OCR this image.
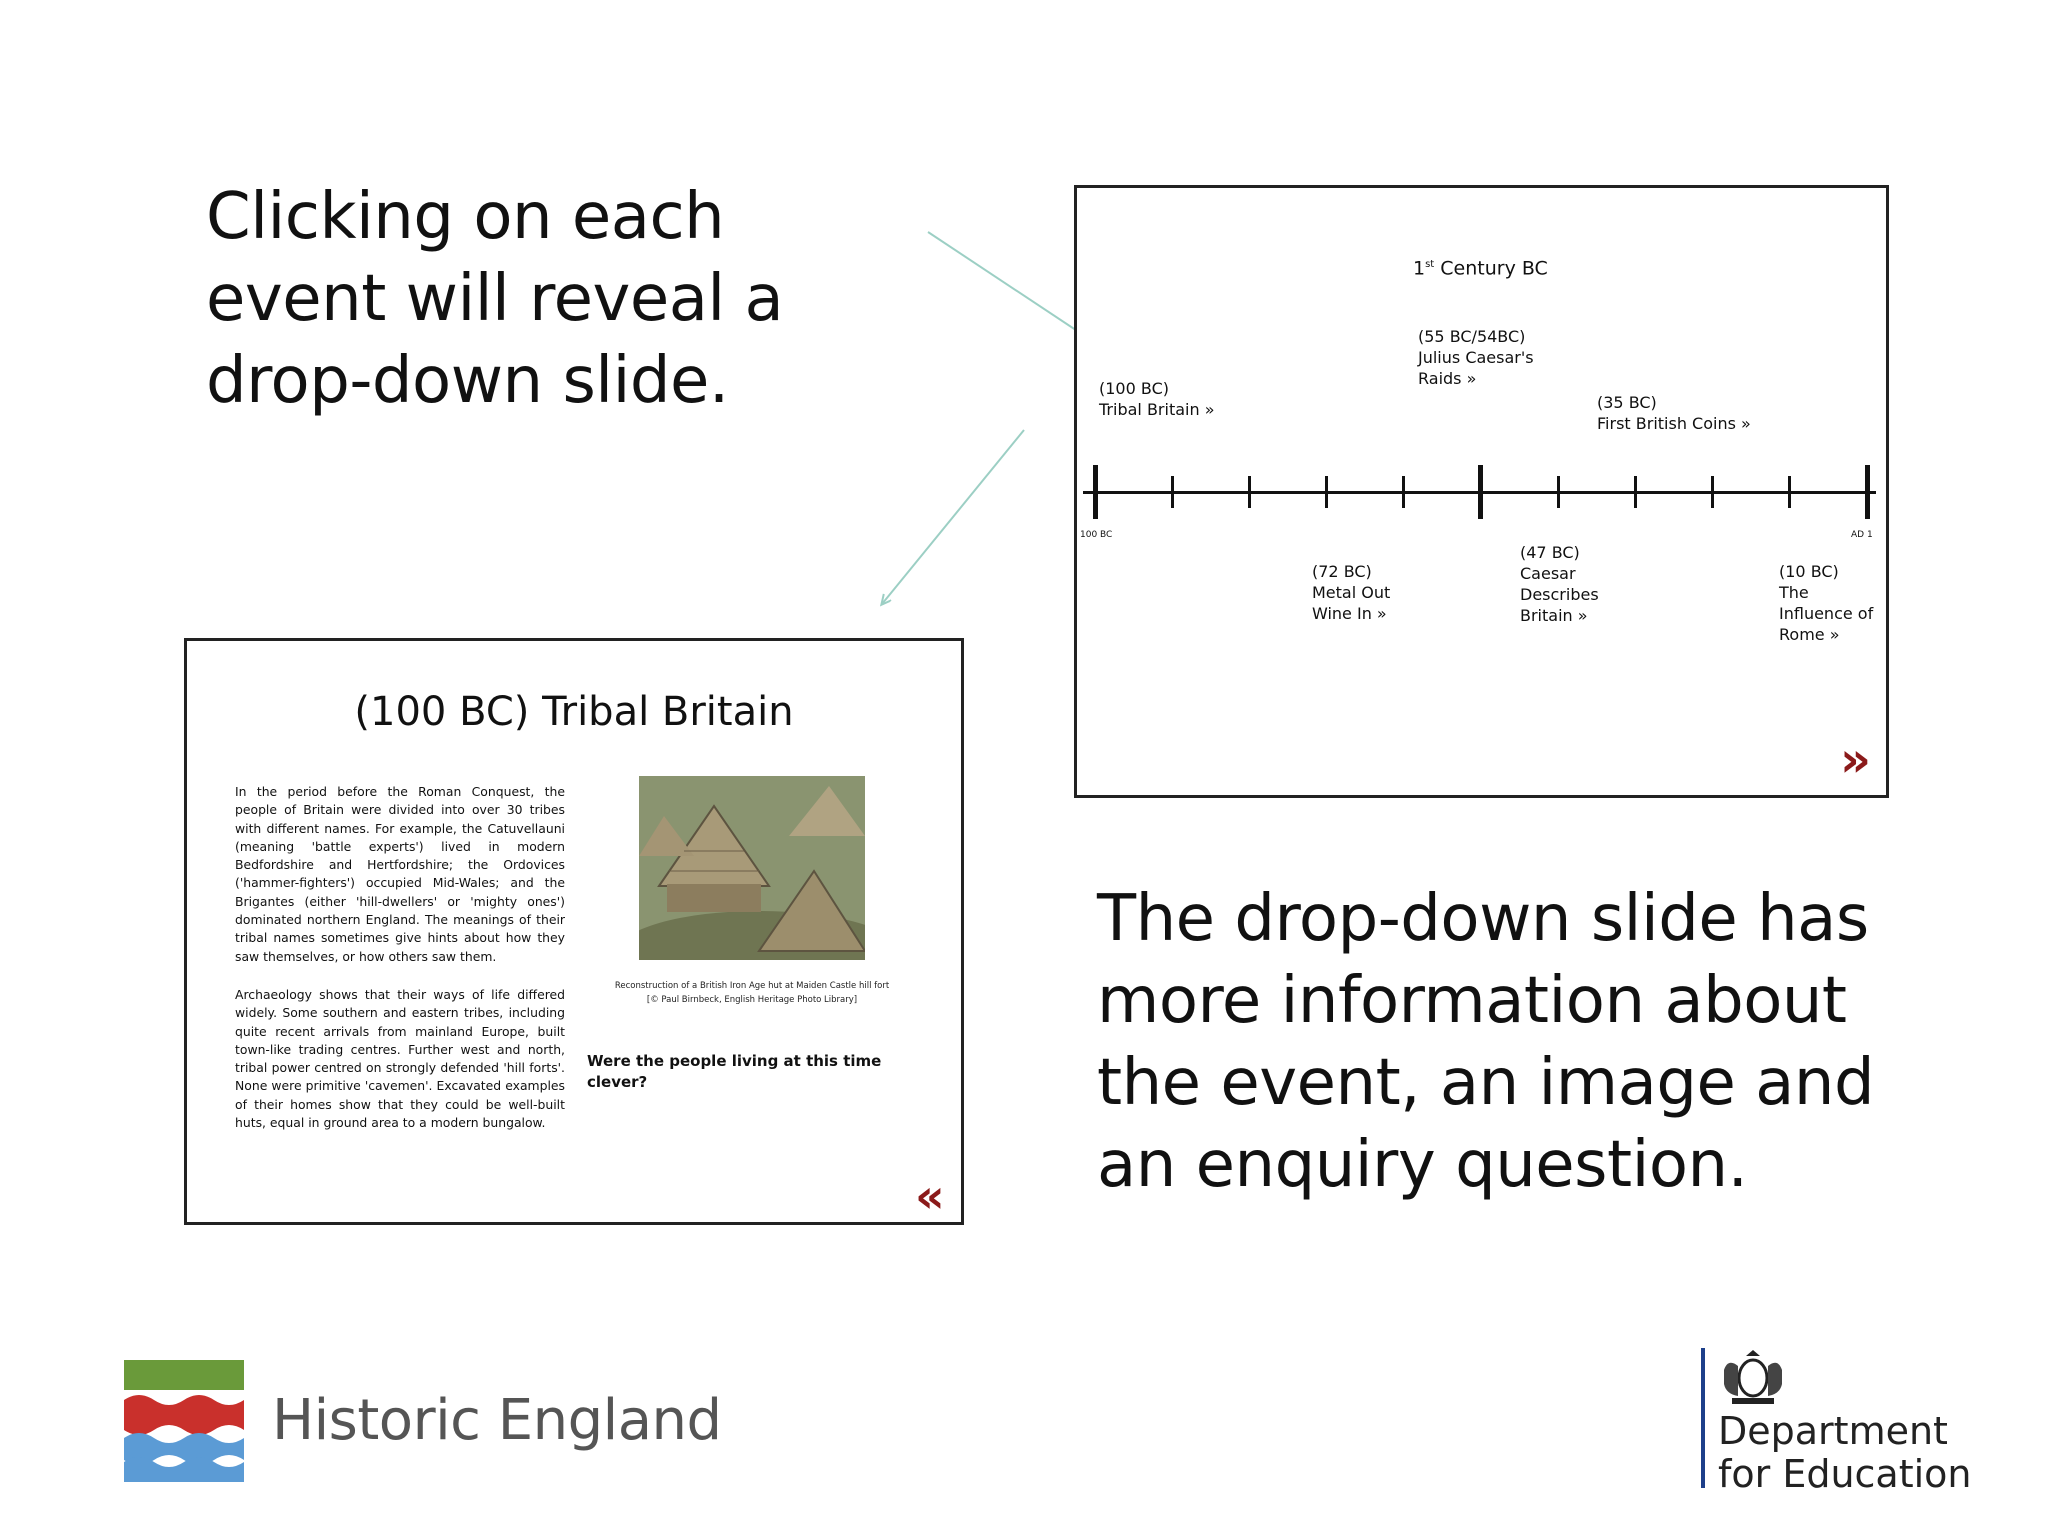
Clicking on each event will reveal a drop-down slide.
The drop-down slide has more information about the event, an image and an enquiry question.
1st Century BC
(100 BC)
Tribal Britain »
(55 BC/54BC)
Julius Caesar's Raids »
(35 BC)
First British Coins »
(72 BC)
Metal Out Wine In »
(47 BC)
Caesar Describes Britain »
(10 BC)
The Influence of Rome »
100 BC	AD 1
»
(100 BC) Tribal Britain
In the period before the Roman Conquest, the people of Britain were divided into over 30 tribes with different names. For example, the Catuvellauni (meaning 'battle experts') lived in modern Bedfordshire and Hertfordshire; the Ordovices ('hammer-fighters') occupied Mid-Wales; and the Brigantes (either 'hill-dwellers' or 'mighty ones') dominated northern England. The meanings of their tribal names sometimes give hints about how they saw themselves, or how others saw them.
Archaeology shows that their ways of life differed widely. Some southern and eastern tribes, including quite recent arrivals from mainland Europe, built town-like trading centres. Further west and north, tribal power centred on strongly defended 'hill forts'. None were primitive 'cavemen'. Excavated examples of their homes show that they could be well-built huts, equal in ground area to a modern bungalow.
Reconstruction of a British Iron Age hut at Maiden Castle hill fort
[© Paul Birnbeck, English Heritage Photo Library]
Were the people living at this time clever?
«
Historic England	Department
for Education
